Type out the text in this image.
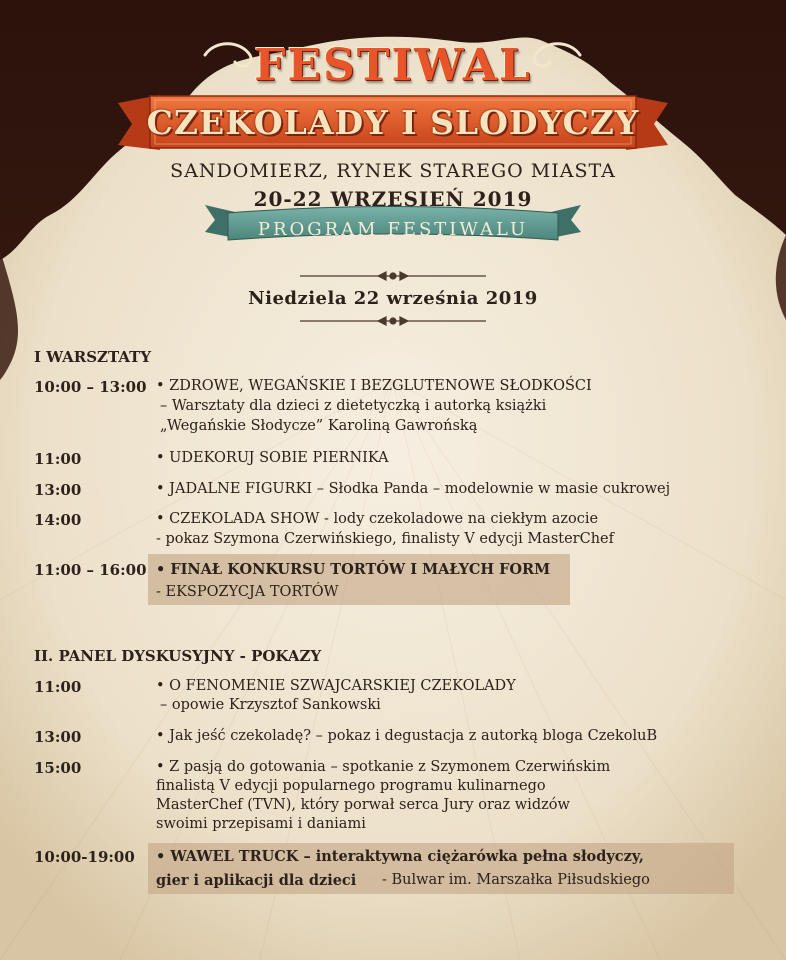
FESTIWAL
CZEKOLADY I SLODYCZY
SANDOMIERZ, RYNEK STAREGO MIASTA
20-22 WRZESIEŃ 2019
PROGRAM FESTIWALU
Niedziela 22 września 2019
I WARSZTATY
10:00 – 13:00 • ZDROWE, WEGAŃSKIE I BEZGLUTENOWE SŁODKOŚCI
– Warsztaty dla dzieci z dietetyczką i autorką książki
„Wegańskie Słodycze” Karoliną Gawrońską
11:00	• UDEKORUJ SOBIE PIERNIKA
13:00	• JADALNE FIGURKI – Słodka Panda – modelownie w masie cukrowej
14:00	• CZEKOLADA SHOW - lody czekoladowe na ciekłym azocie
- pokaz Szymona Czerwińskiego, finalisty V edycji MasterChef
11:00 – 16:00 • FINAŁ KONKURSU TORTÓW I MAŁYCH FORM
- EKSPOZYCJA TORTÓW
II. PANEL DYSKUSYJNY - POKAZY
11:00	• O FENOMENIE SZWAJCARSKIEJ CZEKOLADY
– opowie Krzysztof Sankowski
13:00	• Jak jeść czekoladę? – pokaz i degustacja z autorką bloga CzekoluB
15:00	• Z pasją do gotowania – spotkanie z Szymonem Czerwińskim
finalistą V edycji popularnego programu kulinarnego
MasterChef (TVN), który porwał serca Jury oraz widzów
swoimi przepisami i daniami
10:00-19:00 • WAWEL TRUCK – interaktywna ciężarówka pełna słodyczy,
gier i aplikacji dla dzieci - Bulwar im. Marszałka Piłsudskiego
